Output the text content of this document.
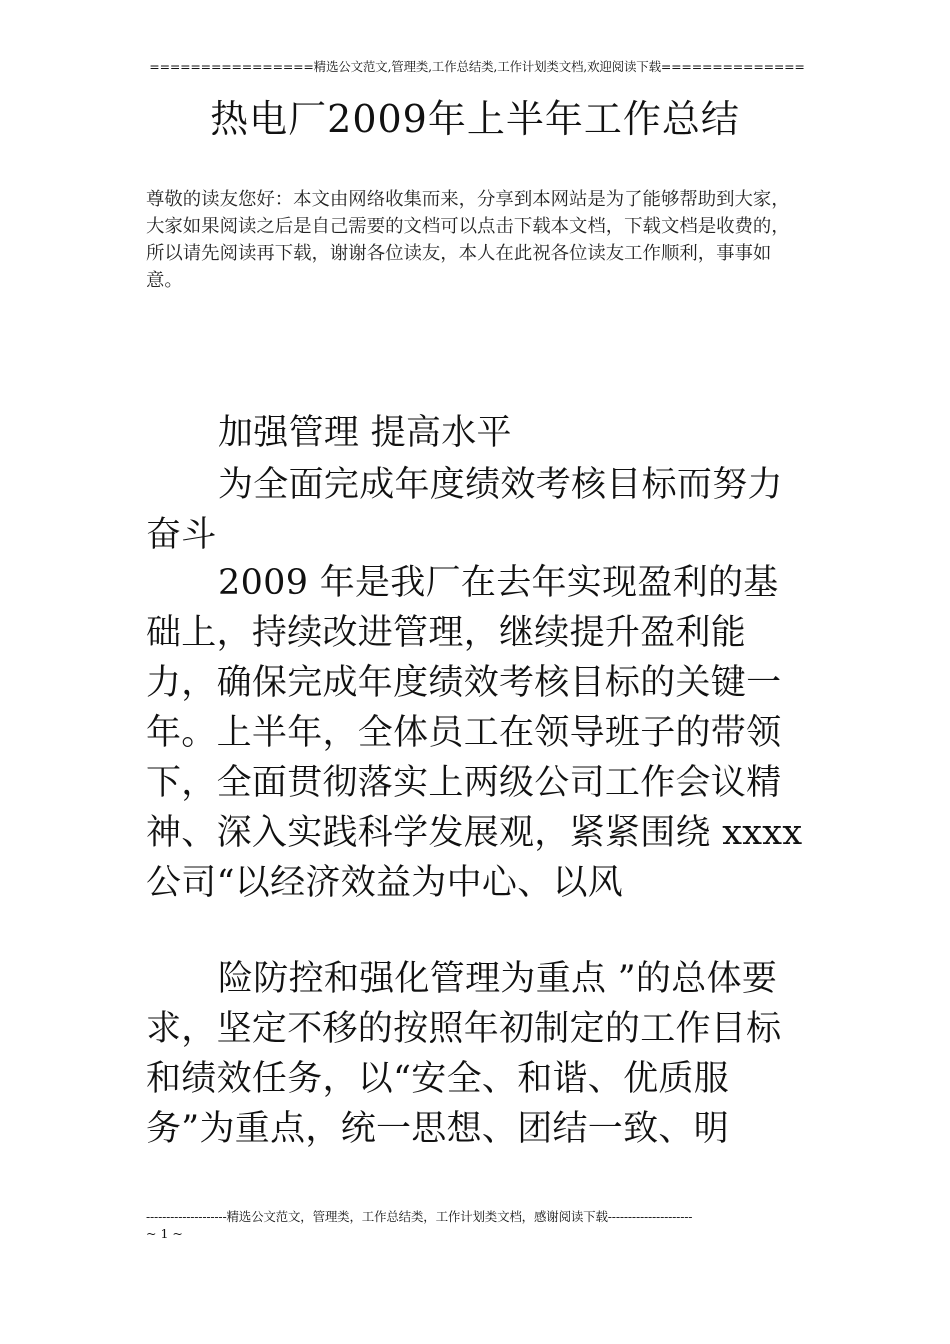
================精选公文范文,管理类,工作总结类,工作计划类文档,欢迎阅读下载==============
热电厂2009年上半年工作总结
尊敬的读友您好：本文由网络收集而来，分享到本网站是为了能够帮助到大家，大家如果阅读之后是自己需要的文档可以点击下载本文档，下载文档是收费的，所以请先阅读再下载，谢谢各位读友，本人在此祝各位读友工作顺利，事事如意。
加强管理 提高水平
为全面完成年度绩效考核目标而努力奋斗
2009 年是我厂在去年实现盈利的基础上，持续改进管理，继续提升盈利能力，确保完成年度绩效考核目标的关键一年。上半年，全体员工在领导班子的带领下，全面贯彻落实上两级公司工作会议精神、深入实践科学发展观，紧紧围绕 xxxx 公司“以经济效益为中心、以风
险防控和强化管理为重点 ”的总体要求，坚定不移的按照年初制定的工作目标和绩效任务，以“安全、和谐、优质服务”为重点，统一思想、团结一致、明
--------------------精选公文范文，管理类，工作总结类，工作计划类文档，感谢阅读下载---------------------
~ 1 ~
